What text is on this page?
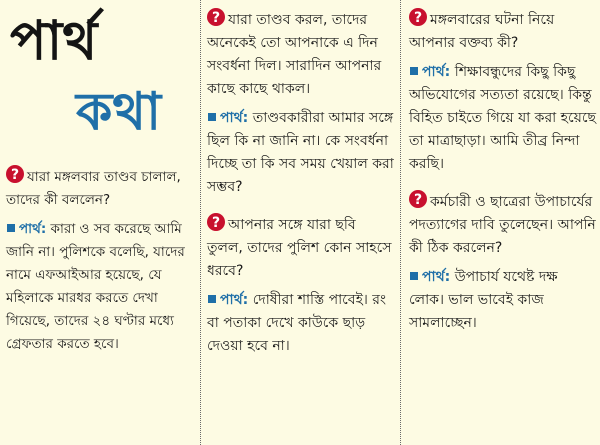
পার্থ
কথা
? যারা মঙ্গলবার তাণ্ডব চালাল, তাদের কী বললেন?
পার্থ: কারা ও সব করেছে আমি জানি না। পুলিশকে বলেছি, যাদের নামে এফআইআর হয়েছে, যে মহিলাকে মারধর করতে দেখা গিয়েছে, তাদের ২৪ ঘণ্টার মধ্যে গ্রেফতার করতে হবে।
? যারা তাণ্ডব করল, তাদের অনেকেই তো আপনাকে এ দিন সংবর্ধনা দিল। সারাদিন আপনার কাছে কাছে থাকল।
পার্থ: তাণ্ডবকারীরা আমার সঙ্গে ছিল কি না জানি না। কে সংবর্ধনা দিচ্ছে তা কি সব সময় খেয়াল করা সম্ভব?
? আপনার সঙ্গে যারা ছবি তুলল, তাদের পুলিশ কোন সাহসে ধরবে?
পার্থ: দোষীরা শাস্তি পাবেই। রং বা পতাকা দেখে কাউকে ছাড় দেওয়া হবে না।
? মঙ্গলবারের ঘটনা নিয়ে আপনার বক্তব্য কী?
পার্থ: শিক্ষাবন্ধুদের কিছু কিছু অভিযোগের সত্যতা রয়েছে। কিন্তু বিহিত চাইতে গিয়ে যা করা হয়েছে তা মাত্রাছাড়া। আমি তীব্র নিন্দা করছি।
? কর্মচারী ও ছাত্রেরা উপাচার্যের পদত্যাগের দাবি তুলেছেন। আপনি কী ঠিক করলেন?
পার্থ: উপাচার্য যথেষ্ট দক্ষ লোক। ভাল ভাবেই কাজ সামলাচ্ছেন।
